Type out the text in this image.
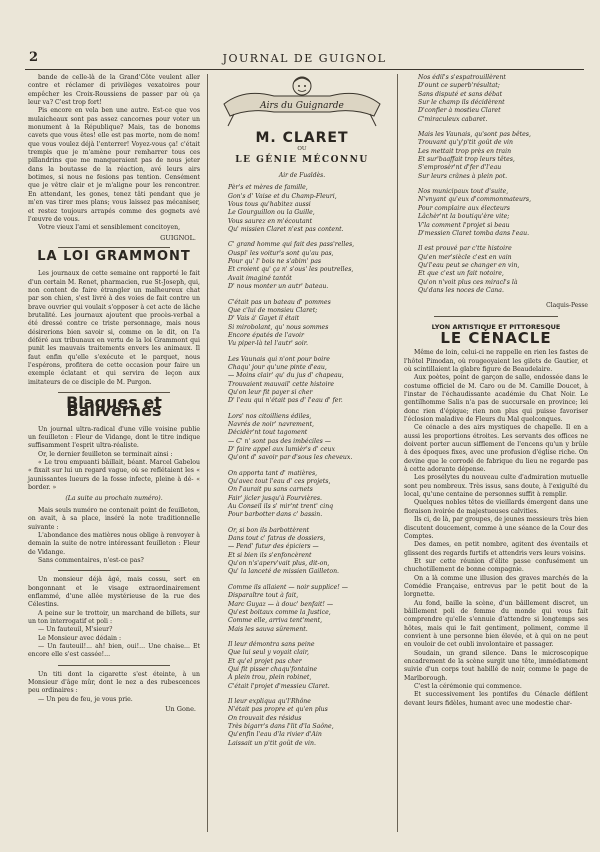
2	JOURNAL DE GUIGNOL

bande de celle-là de la Grand'Côte veulent aller contre et réclamer di privilèges vexatoires pour empêcher les Croix-Roussiens de passer par où ça leur va? C'est trop fort!

Pis encore en vela ben une autre. Est-ce que vos mulaicheaux sont pas assez cancornes pour voter un monument à la République? Mais, tas de bonoms cavets que vous êtes! elle est pas morte, nom de nom! que vous voulez déjà l'enterrer! Voyez-vous ça! c'était trempis que je m'amène pour remharrer tous ces pillandrins que me manqueraient pas de nous jeter dans la boutasse de la réaction, avé leurs airs botimes, si nous ne fesions pas tention. Censément que je vêtre clair et je m'aligne pour les rencontrer. En attendant, les gones, tenez tâti pendant que je m'en vas tirer mes plans; vous laissez pas mécaniser, et restez toujours arrapés comme des gognets avé l'œuvre de vous.

Votre vieux l'ami et sensiblement concitoyen,

GUIGNOL.
LA LOI GRAMMONT

Les journaux de cette semaine ont rapporté le fait d'un certain M. Renet, pharmacien, rue St-Joseph, qui, non content de faire étrangler un malheureux chat par son chien, s'est livré à des voies de fait contre un brave ouvrier qui voulait s'opposer à cet acte de lâche brutalité. Les journaux ajoutent que procès-verbal a été dressé contre ce triste personnage, mais nous désirerions bien savoir si, comme on le dit, on l'a déféré aux tribunaux en vertu de la loi Grammont qui punit les mauvais traitements envers les animaux. Il faut enfin qu'elle s'exécute et le parquet, nous l'espérons, profitera de cette occasion pour faire un exemple éclatant et qui servira de leçon aux imitateurs de ce disciple de M. Purgon.

Blagues et Balivernes

Un journal ultra-radical d'une ville voisine publie un feuilleton : Fleur de Vidange, dont le titre indique suffisamment l'esprit ultra-réaliste.

Or, le dernier feuilleton se terminait ainsi :

« Le trou empuanti bâillait, béant. Marcel Gabelou « fixait sur lui un regard vague, où se reflétaient les « jaunissantes lueurs de la fosse infecte, pleine à dé- « border. »

(La suite au prochain numéro).

Mais seuls numéro ne contenait point de feuilleton, on avait, à sa place, inséré la note traditionnelle suivante :

L'abondance des matières nous oblige à renvoyer à demain la suite de notre intéressant feuilleton : Fleur de Vidange.

Sans commentaires, n'est-ce pas?

Un monsieur déjà âgé, mais cossu, sert en bongonnant et le visage extraordinairement enflammé, d'une allée mystérieuse de la rue des Célestins.

A peine sur le trottoir, un marchand de billets, sur un ton interrogatif et poli :

— Un fauteuil, M'sieur?

Le Monsieur avec dédain :

— Un fauteuil!... ah! bien, oui!... Une chaise... Et encore elle s'est cassée!...

Un titi dont la cigarette s'est éteinte, à un Monsieur d'âge mûr, dont le nez a des rubescences peu ordinaires :

— Un peu de feu, je vous prie.

Un Gone.
Airs du Guignarde
M. CLARET
OU
LE GÉNIE MÉCONNU
Air de Fualdès.
Pèr's et mères de famille,
Gon's d' Vaise et du Champ-Fleuri,
Vous tous qu'habitez aussi
Le Gourguillon ou la Guille,
Vous saurez en m'écoutant
Qu' missien Claret n'est pas content.
C' grand homme qui fait des pass'relles,
Ouspi' les voitur's sont qu'au pas,
Pour qu' l' bois ne s'abim' pas
Et croient qu' ça n' s'ous' les poutrelles,
Avait imaginé tantôt
D' nous monter un autr' bateau.
C'était pas un bateau d' pommes
Que c'lui de monsieu Claret;
D' Vais à' Gayet il était
Si mirobolant, qu' nous sommes
Encore épatés de l'avoir
Vu piper-là tel l'autr' soir.
Les Vaunais qui n'ont pour boire
Chaqu' jour qu'une pinte d'eau,
— Moins clair' qu' du jus d' chapeau,
Trouvaient mauvail' cette histoire
Qu'on leur fit payer si cher
D' l'eau qui n'était pas d' l'eau d' fer.
Lors' nos citoilliens édiles,
Navrés de noir' navrement,
Décidèr'nt tout tagoment
— C' n' sont pas des imbéciles —
D' faire appel aux lumièr's d' ceux
Qu'ont d' savoir par d'sous les cheveux.
On apporta tant d' matières,
Qu'avec tout l'eau d' ces projets,
On l'aurait pu sans carnets
Fair' jicler jusqu'à Fourvières.
Au Conseil ils s' mir'nt trent' cinq
Pour barbotter dans c' bassin.
Or, si bon ils barbottèrent
Dans tout c' fatras de dossiers,
— Pend' futur des épiciers —
Et si bien ils s'enfoncèrent
Qu'on n's'aperv'vait plus, dit-on,
Qu' la lanceté de missien Gailleton.
Comme ils allaient — noir supplice! —
Disparaître tout à fait,
Marc Guyaz — à douc' benfait! —
Qu'est boitaux comme la Justice,
Comme elle, arriva tent'ment,
Mais les sauva sûrement.
Il leur démontra sans peine
Que lui seul y voyait clair,
Et qu'el projet pas cher
Qui fit pisser chaqu'fontaine
À plein trou, plein robinet,
C'était l'projet d'messieu Claret.
Il leur expliqua qu'l'Rhône
N'était pas propre et qu'en plus
On trouvait des résidus
Très bigarr's dans l'lit d'la Saône,
Qu'enfin l'eau d'la rivier d'Ain
Laissait un p'tit goût de vin.
Nos édil's s'espatrouillèrent
D'ount ce superb'résultat;
Sans disputé et sans débat
Sur le champ ils décidèrent
D'confier à mostieu Claret
C'miraculeux cabaret.
Mais les Vaunais, qu'sont pas bêtes,
Trouvant qu'y'p'tit goût de vin
Les mettait trop près en train
Et sur'baaffait trop leurs têtes,
S'emprosèr'nt d'fer d'l'eau
Sur leurs crânes à plein pot.
Nos municipaux tout d'suite,
N'vnyant qu'eux d'commonmateurs,
Pour complaire aux électeurs
Lâchèr'nt la boutiqu'ère vite;
V'la comment l'projet si beau
D'messien Claret tomba dans l'eau.
Il est prouvé par c'tte histoire
Qu'en mer'siècle c'est en vain
Qu'l'eau peut se changer en vin,
Et que c'est un fait notoire,
Qu'on n'voit plus ces miracl's là
Qu'dans les noces de Cana.
Claquis-Pesse
LYON ARTISTIQUE ET PITTORESQUE
LE CÉNACLE

Même de loin, celui-ci ne rappelle en rien les fastes de l'hôtel Pimodan, où rougeoyaient les gilets de Gautier, et où scintillaient la glabre figure de Beaudelaire.

Aux poètes, point de garçon de salle, endossée dans le costume officiel de M. Caro ou de M. Camille Doucet, à l'instar de l'échaudissante académie du Chat Noir. Le gentilhomme Salis n'a pas de succursale en province; lei donc rien d'épique; rien non plus qui puisse favoriser l'éclosion maladive de Fleurs du Mal quelconques.

Ce cénacle a des airs mystiques de chapelle. Il en a aussi les proportions étroites. Les servants des offices ne doivent porter aucun sifflement de l'encens qu'un y brûle à des époques fixes, avec une profusion d'église riche. On devine que le corrodé de fabrique du lieu ne regarde pas à cette adorante dépense.

Les prosélytes du nouveau culte d'admiration mutuelle sont peu nombreux. Très issus, sans doute, à l'exiguïté du local, qu'une centaine de personnes suffit à remplir.

Quelques nobles têtes de vieillards émergent dans une floraison ivoirée de majestueuses calvities.

Ils ci, de là, par groupes, de jeunes messieurs très bien discutent doucement, comme à une séance de la Cour des Comptes.

Des dames, en petit nombre, agitent des éventails et glissent des regards furtifs et attendris vers leurs voisins.

Et sur cette réunion d'élite passe confusément un chuchotillement de bonne compagnie.

On a là comme une illusion des graves marchés de la Comédie Française, entrevus par le petit bout de la lorgnette.

Au fond, baille la scène, d'un bâillement discret, un bâillement poli de femme du monde qui vous fait comprendre qu'elle s'ennuie d'attendre si longtemps ses hôtes, mais qui le fait gentiment, poliment, comme il convient à une personne bien élevée, et à qui on ne peut en vouloir de cet oubli involontaire et passager.

Soudain, un grand silence. Dans le microscopique encadrement de la scène surgit une tête, immédiatement suivie d'un corps tout habillé de noir, comme le page de Marlborough.

C'est la cérémonie qui commence.

Et successivement les pontifes du Cénacle défilent devant leurs fidèles, humant avec une modestie char-
